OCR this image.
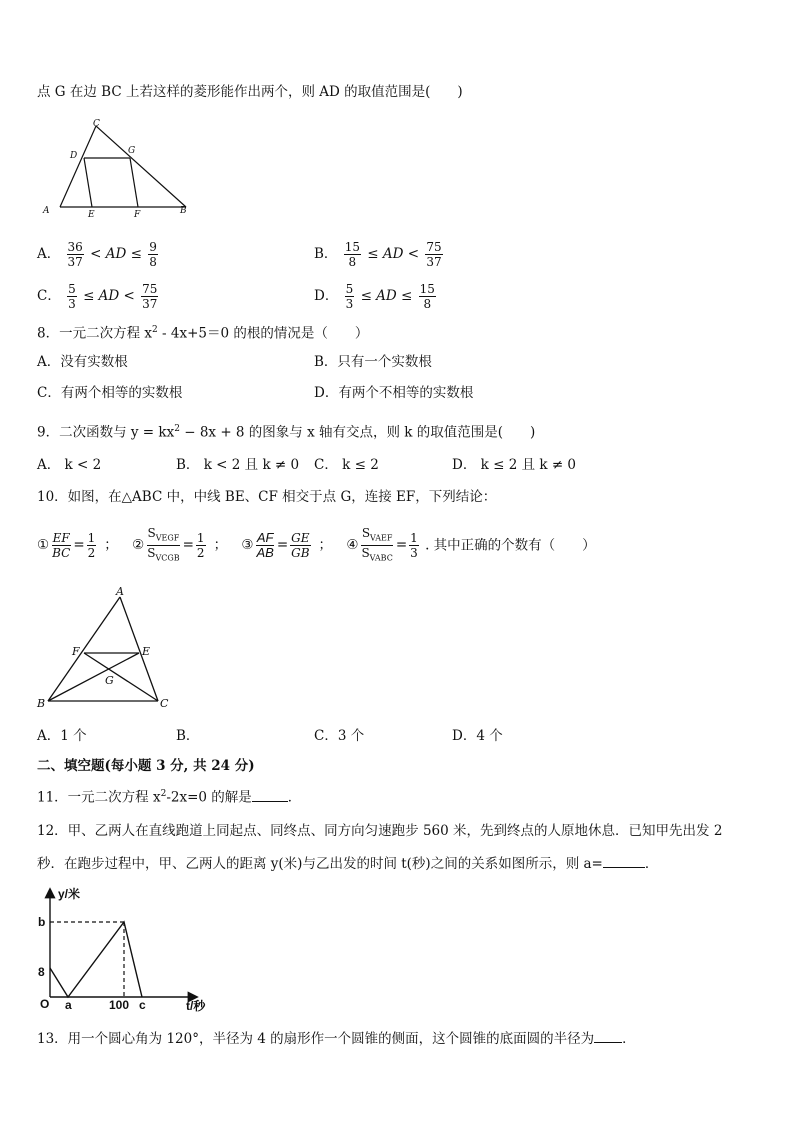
点 G 在边 BC 上若这样的菱形能作出两个，则 AD 的取值范围是(　　)
A	B
C
D
E	F
G
A． $\frac{36}{37}$ < AD ≤ $\frac{9}{8}$	B． $\frac{15}{8}$ ≤ AD < $\frac{75}{37}$
C． $\frac{5}{3}$ ≤ AD < $\frac{75}{37}$	D． $\frac{5}{3}$ ≤ AD ≤ $\frac{15}{8}$
8．一元二次方程 $x^2 - 4x+5=0$ 的根的情况是（　　）
A．没有实数根	B．只有一个实数根
C．有两个相等的实数根	D．有两个不相等的实数根
9．二次函数与 $y = kx^2 - 8x + 8$ 的图象与 x 轴有交点，则 k 的取值范围是(　　)
A． k < 2	B． k < 2 且 k ≠ 0 C． k ≤ 2	D． k ≤ 2 且 k ≠ 0
10．如图，在△ABC 中，中线 BE、CF 相交于点 G，连接 EF，下列结论：
① $\frac{EF}{BC} = \frac{1}{2}$ ； ② $\frac{S_{VEGF}}{S_{VCGB}} = \frac{1}{2}$ ； ③ $\frac{AF}{AB} = \frac{GE}{GB}$ ； ④ $\frac{S_{VAEF}}{S_{VABC}} = \frac{1}{3}$ . 其中正确的个数有（　　）
A
B	C
E
F
G
A．1 个	B．	C．3 个	D．4 个
二、填空题(每小题 3 分, 共 24 分)
11．一元二次方程 $x^2-2x=0$ 的解是	．
12．甲、乙两人在直线跑道上同起点、同终点、同方向匀速跑步 560 米，先到终点的人原地休息．已知甲先出发 2
秒．在跑步过程中，甲、乙两人的距离 y(米)与乙出发的时间 t(秒)之间的关系如图所示，则 a=	．
y/米
t/秒
b
8
O a	100 c
13．用一个圆心角为 120°，半径为 4 的扇形作一个圆锥的侧面，这个圆锥的底面圆的半径为 ．
